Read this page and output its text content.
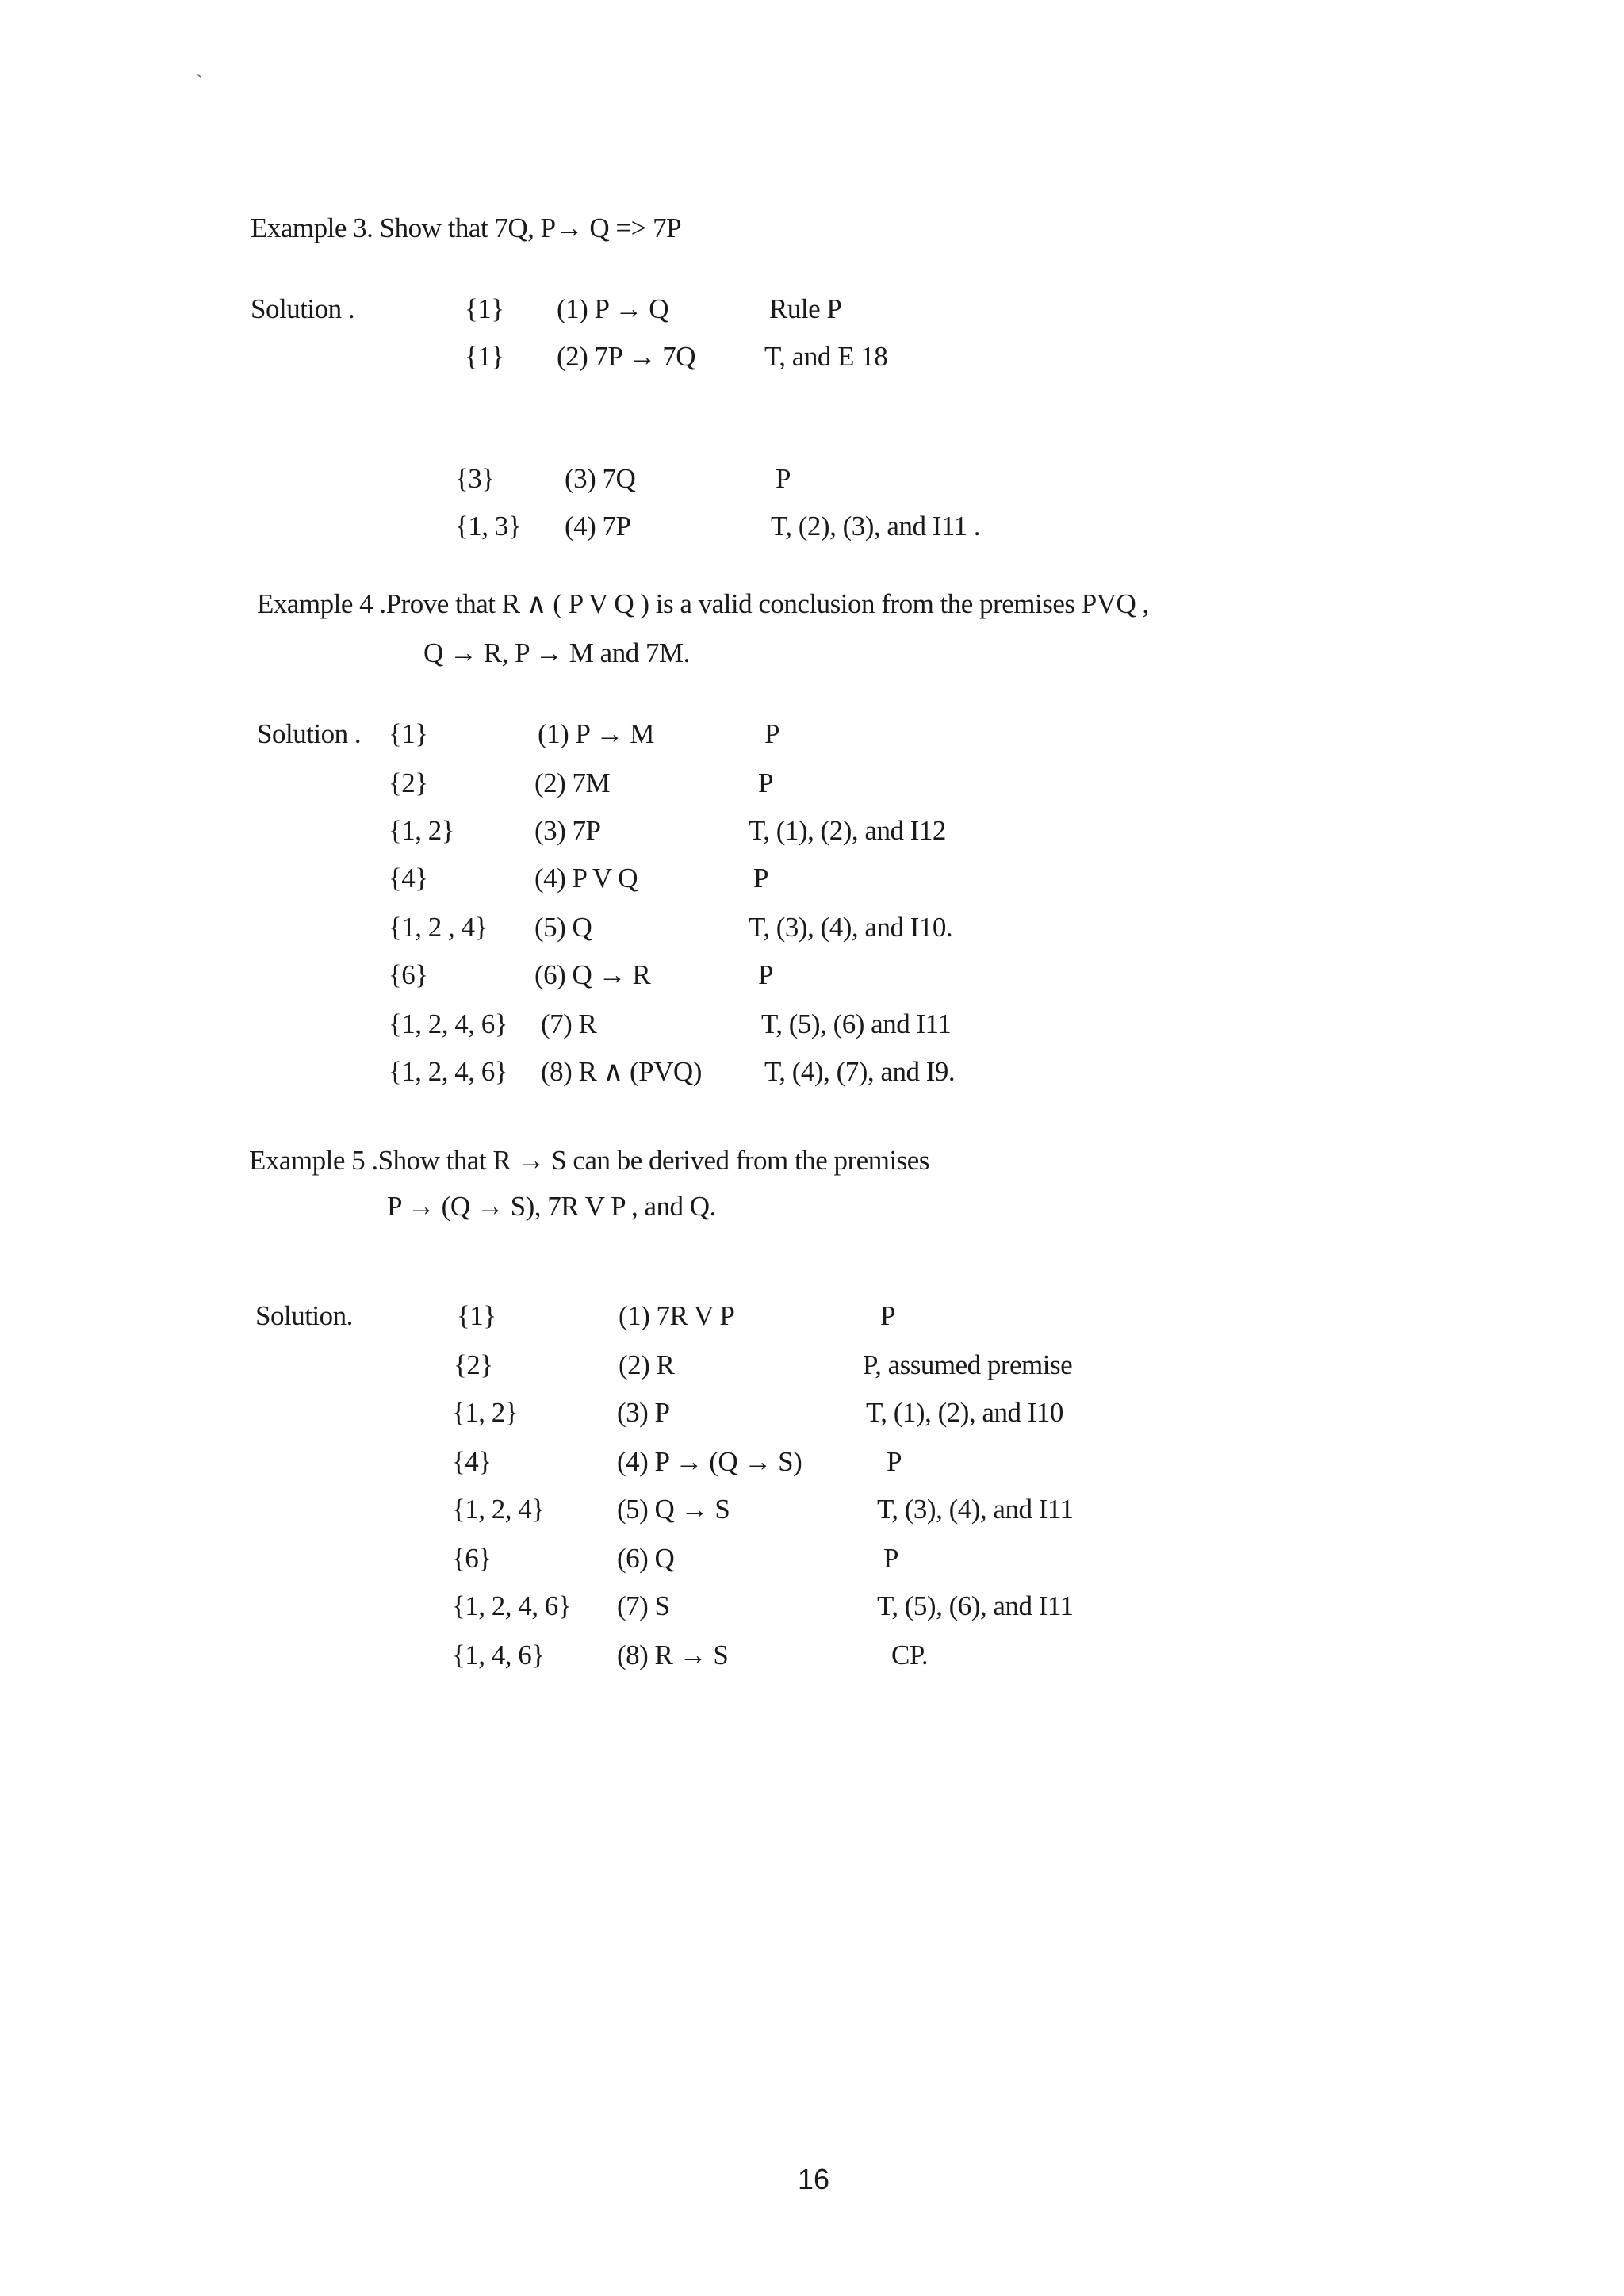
`
Example 3. Show that 7Q, P→ Q => 7P
Solution .	{1} (1) P → Q	Rule P
{1} (2) 7P → 7Q T, and E 18
{3}	(3) 7Q	P
{1, 3} (4) 7P	T, (2), (3), and I11 .
Example 4 .Prove that R ∧ ( P V Q ) is a valid conclusion from the premises PVQ ,
Q → R, P → M and 7M.
Solution . {1}	(1) P → M	P
{2}	(2) 7M	P
{1, 2}	(3) 7P	T, (1), (2), and I12
{4}	(4) P V Q	P
{1, 2 , 4} (5) Q	T, (3), (4), and I10.
{6}	(6) Q → R	P
{1, 2, 4, 6} (7) R	T, (5), (6) and I11
{1, 2, 4, 6} (8) R ∧ (PVQ) T, (4), (7), and I9.
Example 5 .Show that R → S can be derived from the premises
P → (Q → S), 7R V P , and Q.
Solution.	{1}	(1) 7R V P	P
{2}	(2) R	P, assumed premise
{1, 2}	(3) P	T, (1), (2), and I10
{4}	(4) P → (Q → S)	P
{1, 2, 4}	(5) Q → S	T, (3), (4), and I11
{6}	(6) Q	P
{1, 2, 4, 6} (7) S	T, (5), (6), and I11
{1, 4, 6}	(8) R → S	CP.
16
